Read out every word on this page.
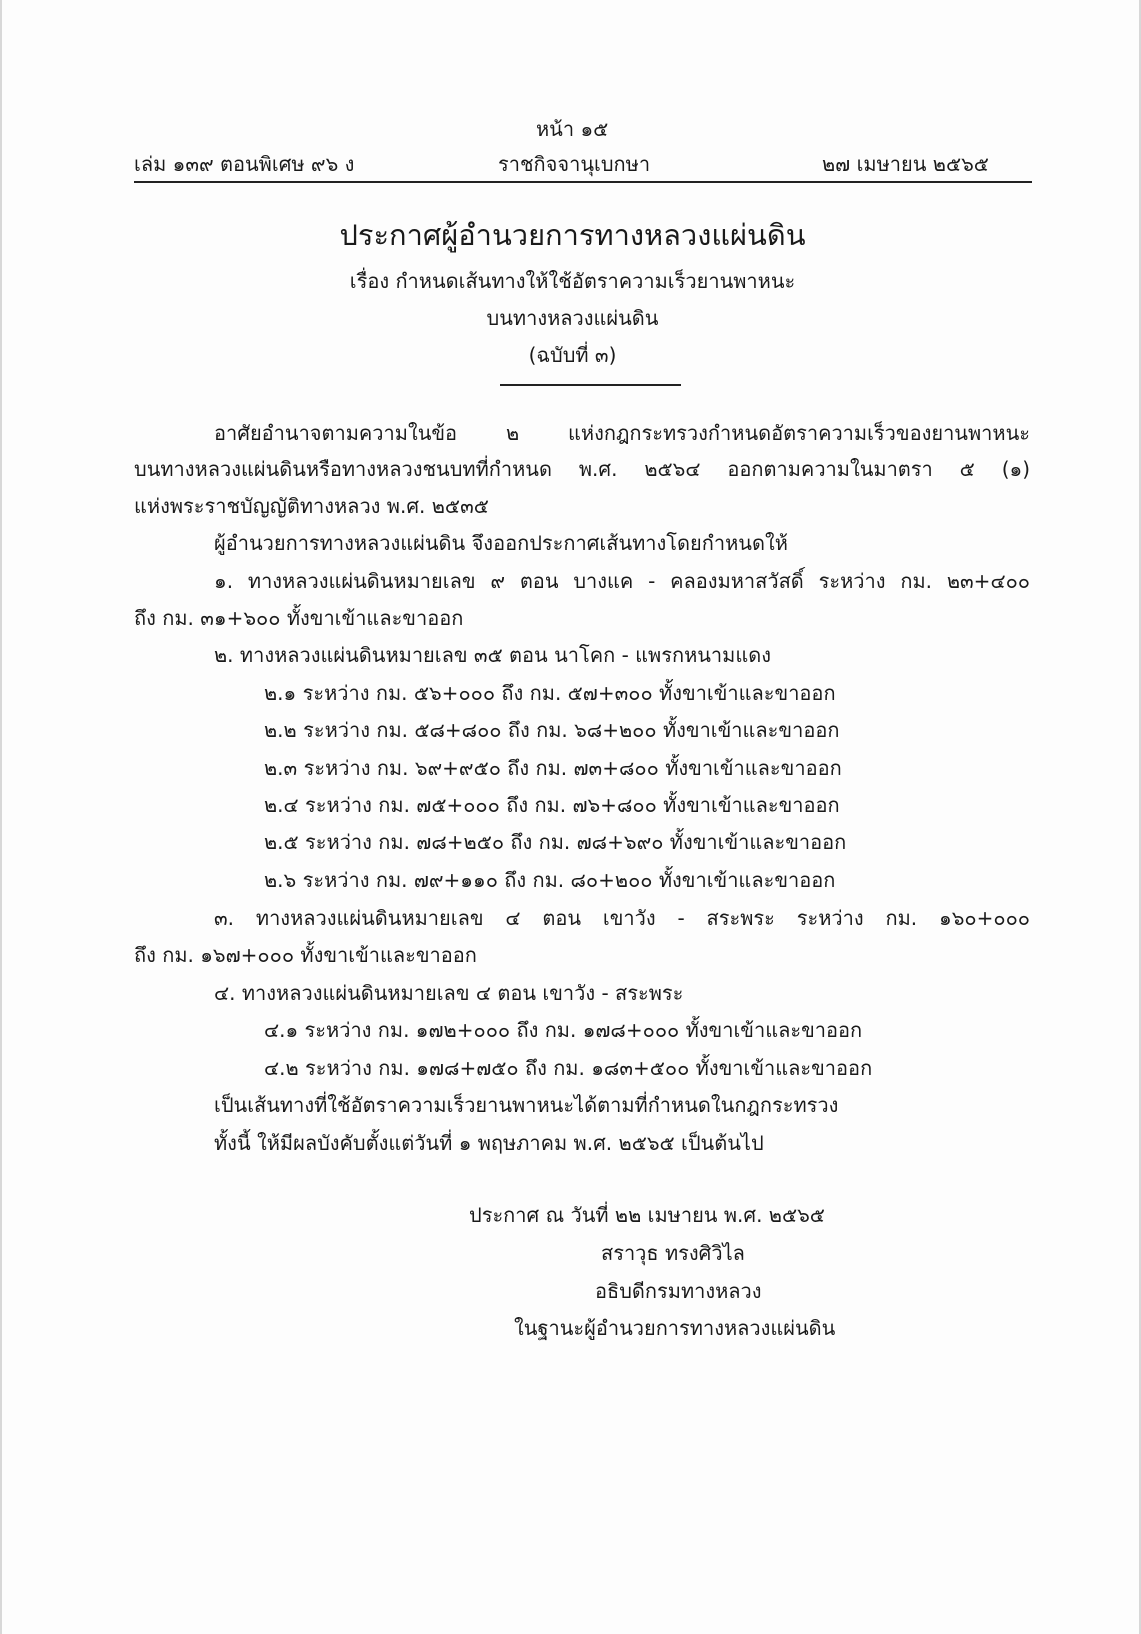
หน้า ๑๕
เล่ม ๑๓๙ ตอนพิเศษ ๙๖ ง	ราชกิจจานุเบกษา	๒๗ เมษายน ๒๕๖๕
ประกาศผู้อำนวยการทางหลวงแผ่นดิน
เรื่อง กำหนดเส้นทางให้ใช้อัตราความเร็วยานพาหนะ
บนทางหลวงแผ่นดิน
(ฉบับที่ ๓)
อาศัยอำนาจตามความในข้อ ๒ แห่งกฎกระทรวงกำหนดอัตราความเร็วของยานพาหนะ
บนทางหลวงแผ่นดินหรือทางหลวงชนบทที่กำหนด พ.ศ. ๒๕๖๔ ออกตามความในมาตรา ๕ (๑)
แห่งพระราชบัญญัติทางหลวง พ.ศ. ๒๕๓๕
ผู้อำนวยการทางหลวงแผ่นดิน จึงออกประกาศเส้นทางโดยกำหนดให้
๑. ทางหลวงแผ่นดินหมายเลข ๙ ตอน บางแค - คลองมหาสวัสดิ์ ระหว่าง กม. ๒๓+๔๐๐
ถึง กม. ๓๑+๖๐๐ ทั้งขาเข้าและขาออก
๒. ทางหลวงแผ่นดินหมายเลข ๓๕ ตอน นาโคก - แพรกหนามแดง
๒.๑ ระหว่าง กม. ๕๖+๐๐๐ ถึง กม. ๕๗+๓๐๐ ทั้งขาเข้าและขาออก
๒.๒ ระหว่าง กม. ๕๘+๘๐๐ ถึง กม. ๖๘+๒๐๐ ทั้งขาเข้าและขาออก
๒.๓ ระหว่าง กม. ๖๙+๙๕๐ ถึง กม. ๗๓+๘๐๐ ทั้งขาเข้าและขาออก
๒.๔ ระหว่าง กม. ๗๕+๐๐๐ ถึง กม. ๗๖+๘๐๐ ทั้งขาเข้าและขาออก
๒.๕ ระหว่าง กม. ๗๘+๒๕๐ ถึง กม. ๗๘+๖๙๐ ทั้งขาเข้าและขาออก
๒.๖ ระหว่าง กม. ๗๙+๑๑๐ ถึง กม. ๘๐+๒๐๐ ทั้งขาเข้าและขาออก
๓. ทางหลวงแผ่นดินหมายเลข ๔ ตอน เขาวัง - สระพระ ระหว่าง กม. ๑๖๐+๐๐๐
ถึง กม. ๑๖๗+๐๐๐ ทั้งขาเข้าและขาออก
๔. ทางหลวงแผ่นดินหมายเลข ๔ ตอน เขาวัง - สระพระ
๔.๑ ระหว่าง กม. ๑๗๒+๐๐๐ ถึง กม. ๑๗๘+๐๐๐ ทั้งขาเข้าและขาออก
๔.๒ ระหว่าง กม. ๑๗๘+๗๕๐ ถึง กม. ๑๘๓+๕๐๐ ทั้งขาเข้าและขาออก
เป็นเส้นทางที่ใช้อัตราความเร็วยานพาหนะได้ตามที่กำหนดในกฎกระทรวง
ทั้งนี้ ให้มีผลบังคับตั้งแต่วันที่ ๑ พฤษภาคม พ.ศ. ๒๕๖๕ เป็นต้นไป
ประกาศ ณ วันที่ ๒๒ เมษายน พ.ศ. ๒๕๖๕
สราวุธ ทรงศิวิไล
อธิบดีกรมทางหลวง
ในฐานะผู้อำนวยการทางหลวงแผ่นดิน
